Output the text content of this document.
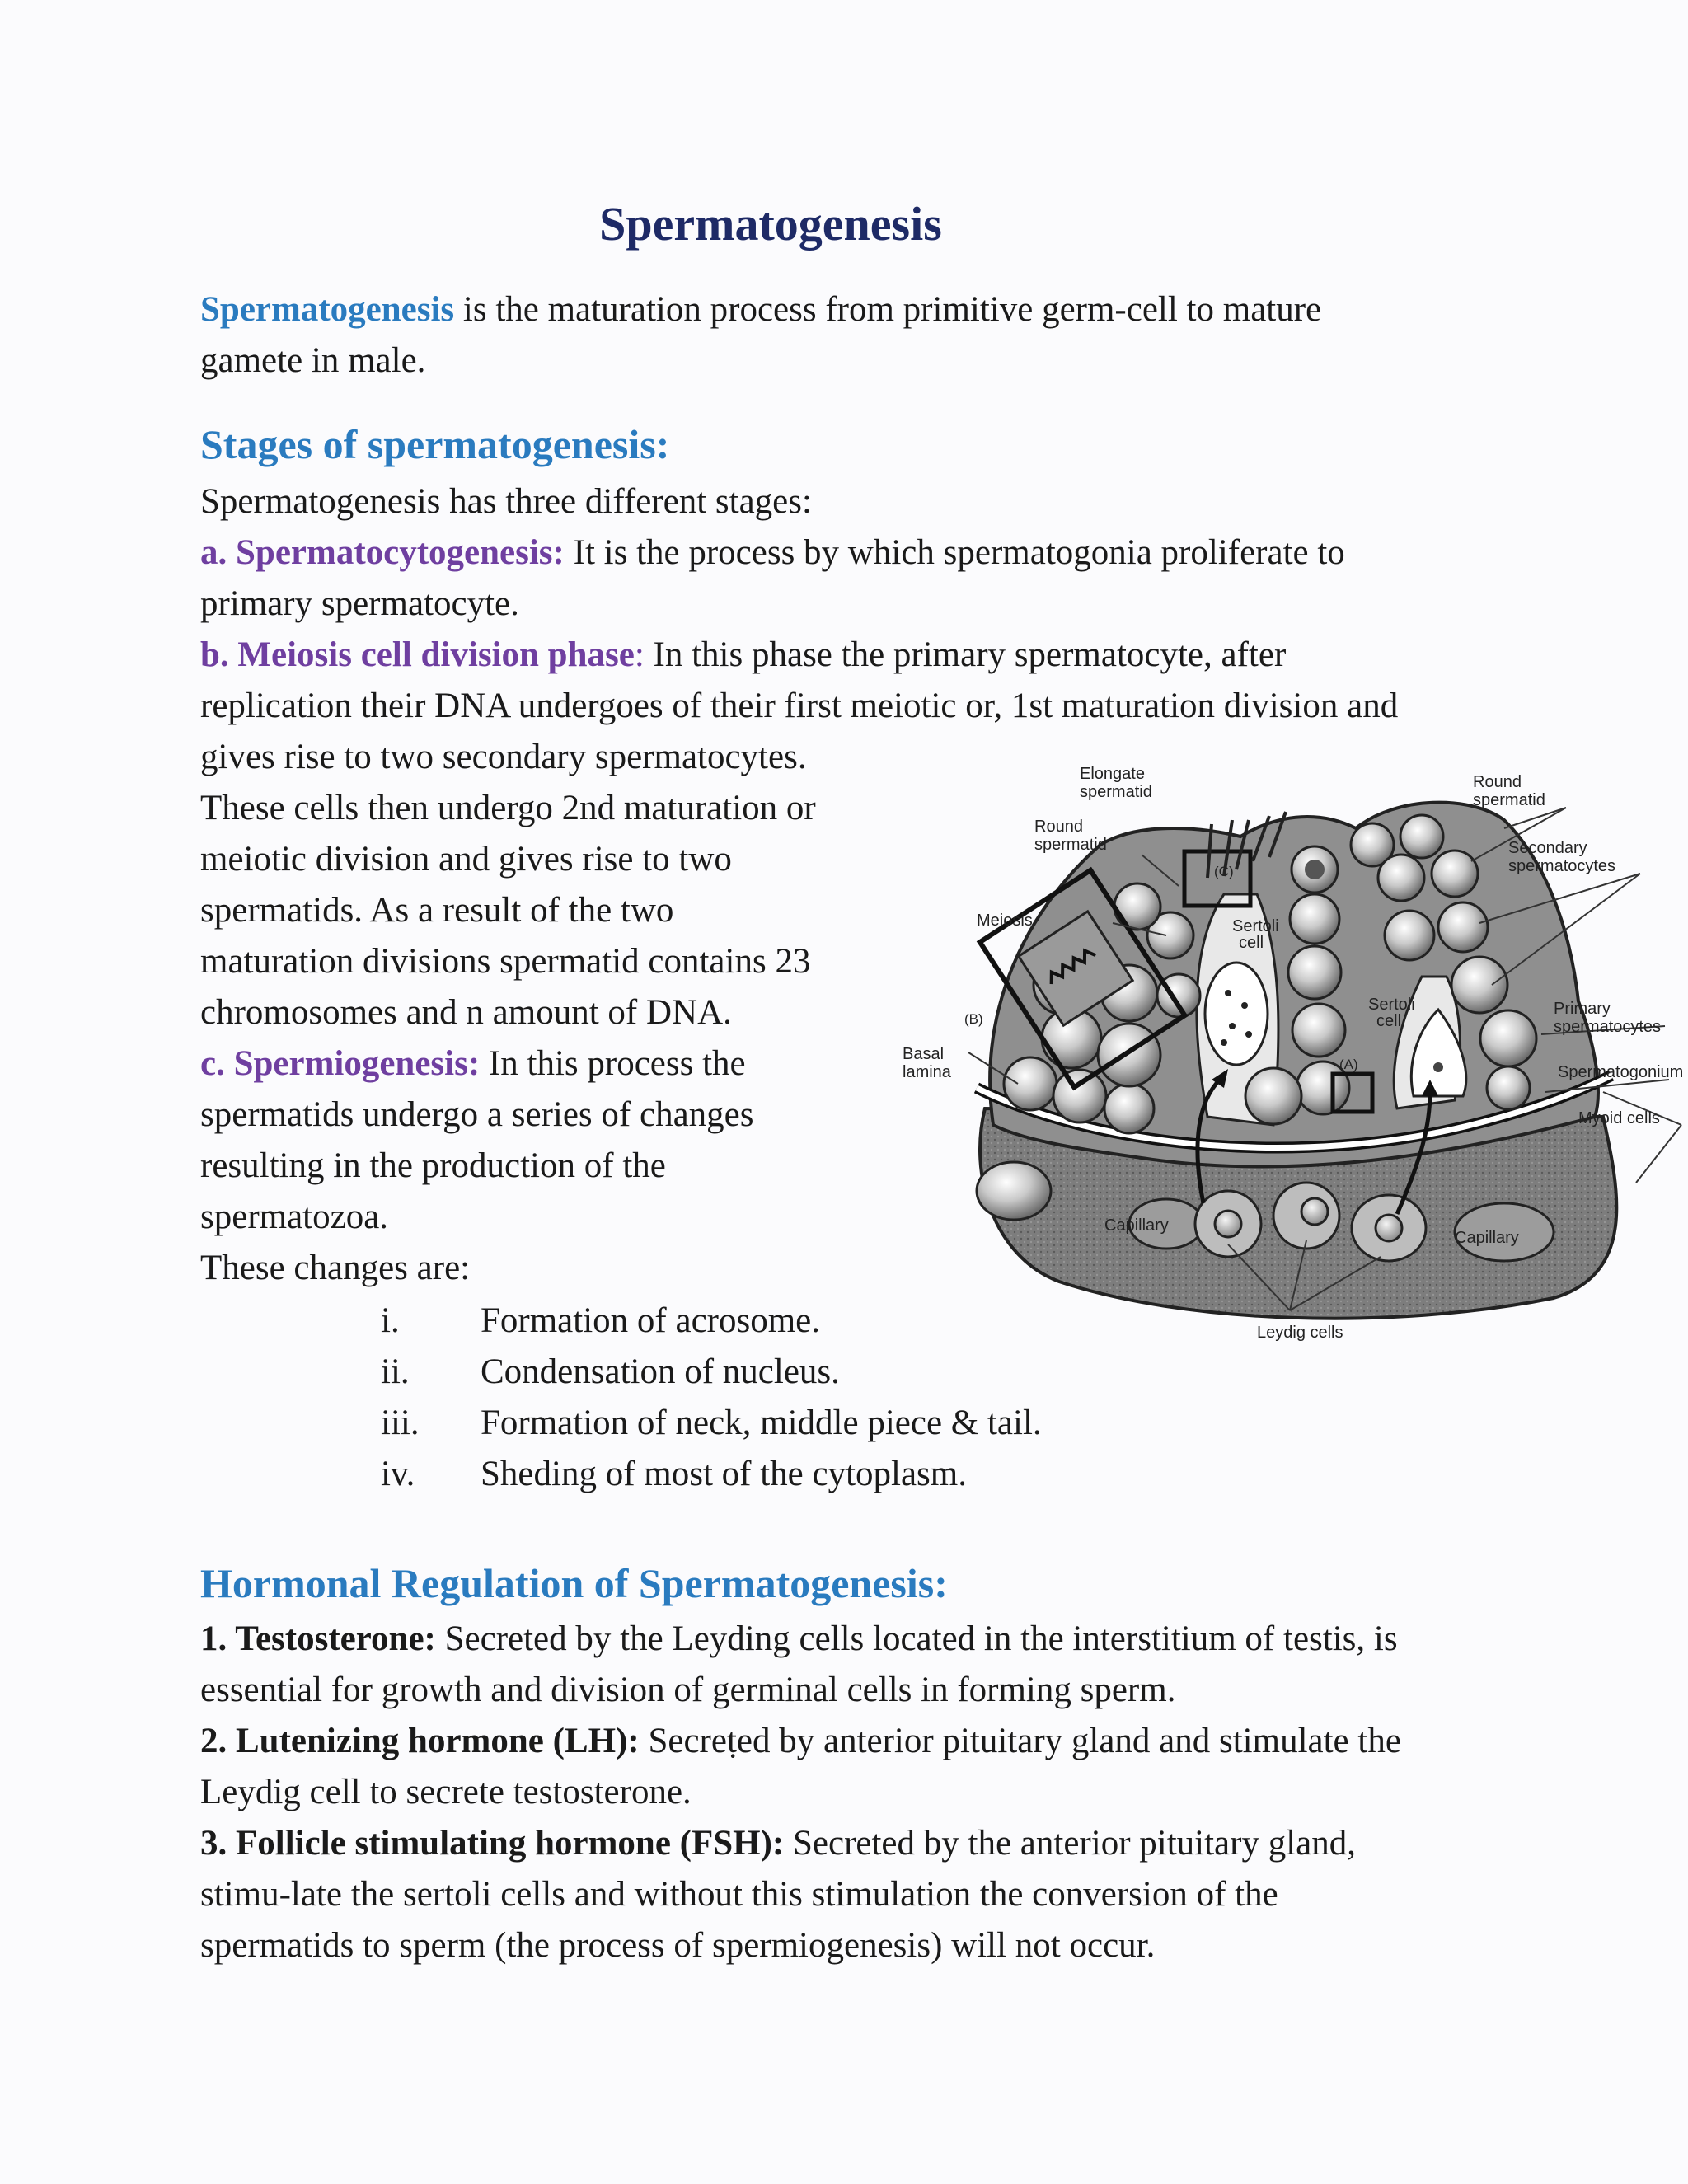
Spermatogenesis
Spermatogenesis is the maturation process from primitive germ-cell to mature
gamete in male.
Stages of spermatogenesis:
Spermatogenesis has three different stages:
a. Spermatocytogenesis: It is the process by which spermatogonia proliferate to
primary spermatocyte.
b. Meiosis cell division phase: In this phase the primary spermatocyte, after
replication their DNA undergoes of their first meiotic or, 1st maturation division and
gives rise to two secondary spermatocytes.
These cells then undergo 2nd maturation or
meiotic division and gives rise to two
spermatids. As a result of the two
maturation divisions spermatid contains 23
chromosomes and n amount of DNA.
c. Spermiogenesis: In this process the
spermatids undergo a series of changes
resulting in the production of the
spermatozoa.
These changes are:
i. Formation of acrosome.
ii. Condensation of nucleus.
iii. Formation of neck, middle piece & tail.
iv. Sheding of most of the cytoplasm.
Elongate
spermatid
Round
spermatid
Meiosis
(C)
Sertoli
cell
Sertoli
cell
(A)
(B)
Basal
lamina
Round
spermatid
Secondary
spermatocytes
Primary
spermatocytes
Spermatogonium
Myoid cells
Capillary
Capillary
Leydig cells
Hormonal Regulation of Spermatogenesis:
1. Testosterone: Secreted by the Leyding cells located in the interstitium of testis, is
essential for growth and division of germinal cells in forming sperm.
2. Lutenizing hormone (LH): Secreṭed by anterior pituitary gland and stimulate the
Leydig cell to secrete testosterone.
3. Follicle stimulating hormone (FSH): Secreted by the anterior pituitary gland,
stimu-late the sertoli cells and without this stimulation the conversion of the
spermatids to sperm (the process of spermiogenesis) will not occur.
